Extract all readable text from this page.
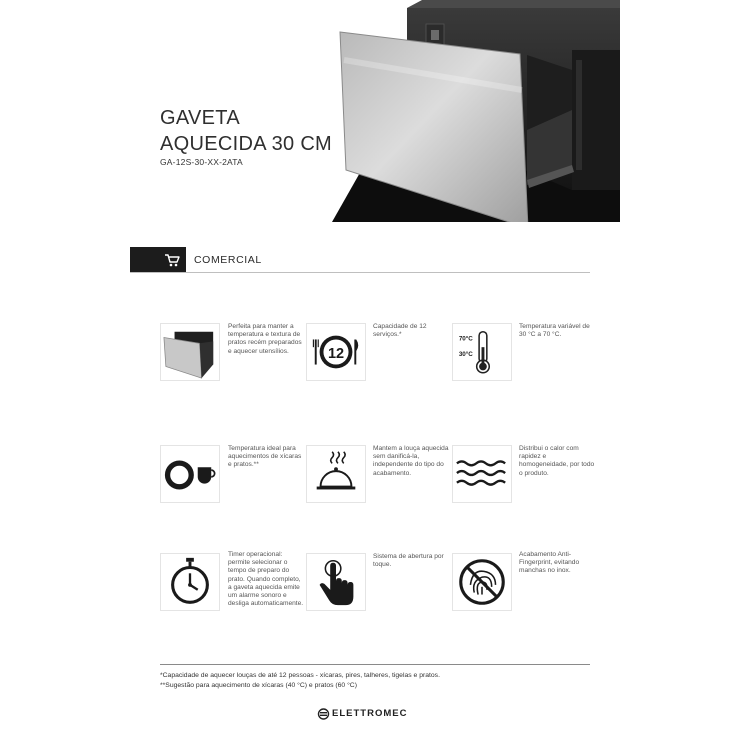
GAVETA
AQUECIDA 30 CM
GA-12S-30-XX-2ATA
COMERCIAL
Perfeita para manter a temperatura e textura de pratos recém preparados e aquecer utensílios.	12
Capacidade de 12 serviços.*
70°C
30°C
Temperatura variável de 30 °C a 70 °C.
Temperatura ideal para aquecimentos de xícaras e pratos.**
Mantem a louça aquecida sem danificá-la, independente do tipo do acabamento.
Distribui o calor com rapidez e homogeneidade, por todo o produto.
Timer operacional: permite selecionar o tempo de preparo do prato. Quando completo, a gaveta aquecida emite um alarme sonoro e desliga automaticamente.
Sistema de abertura por toque.
Acabamento Anti-Fingerprint, evitando manchas no inox.
*Capacidade de aquecer louças de até 12 pessoas - xícaras, pires, talheres, tigelas e pratos.
**Sugestão para aquecimento de xícaras (40 °C) e pratos (60 °C)
ELETTROMEC
